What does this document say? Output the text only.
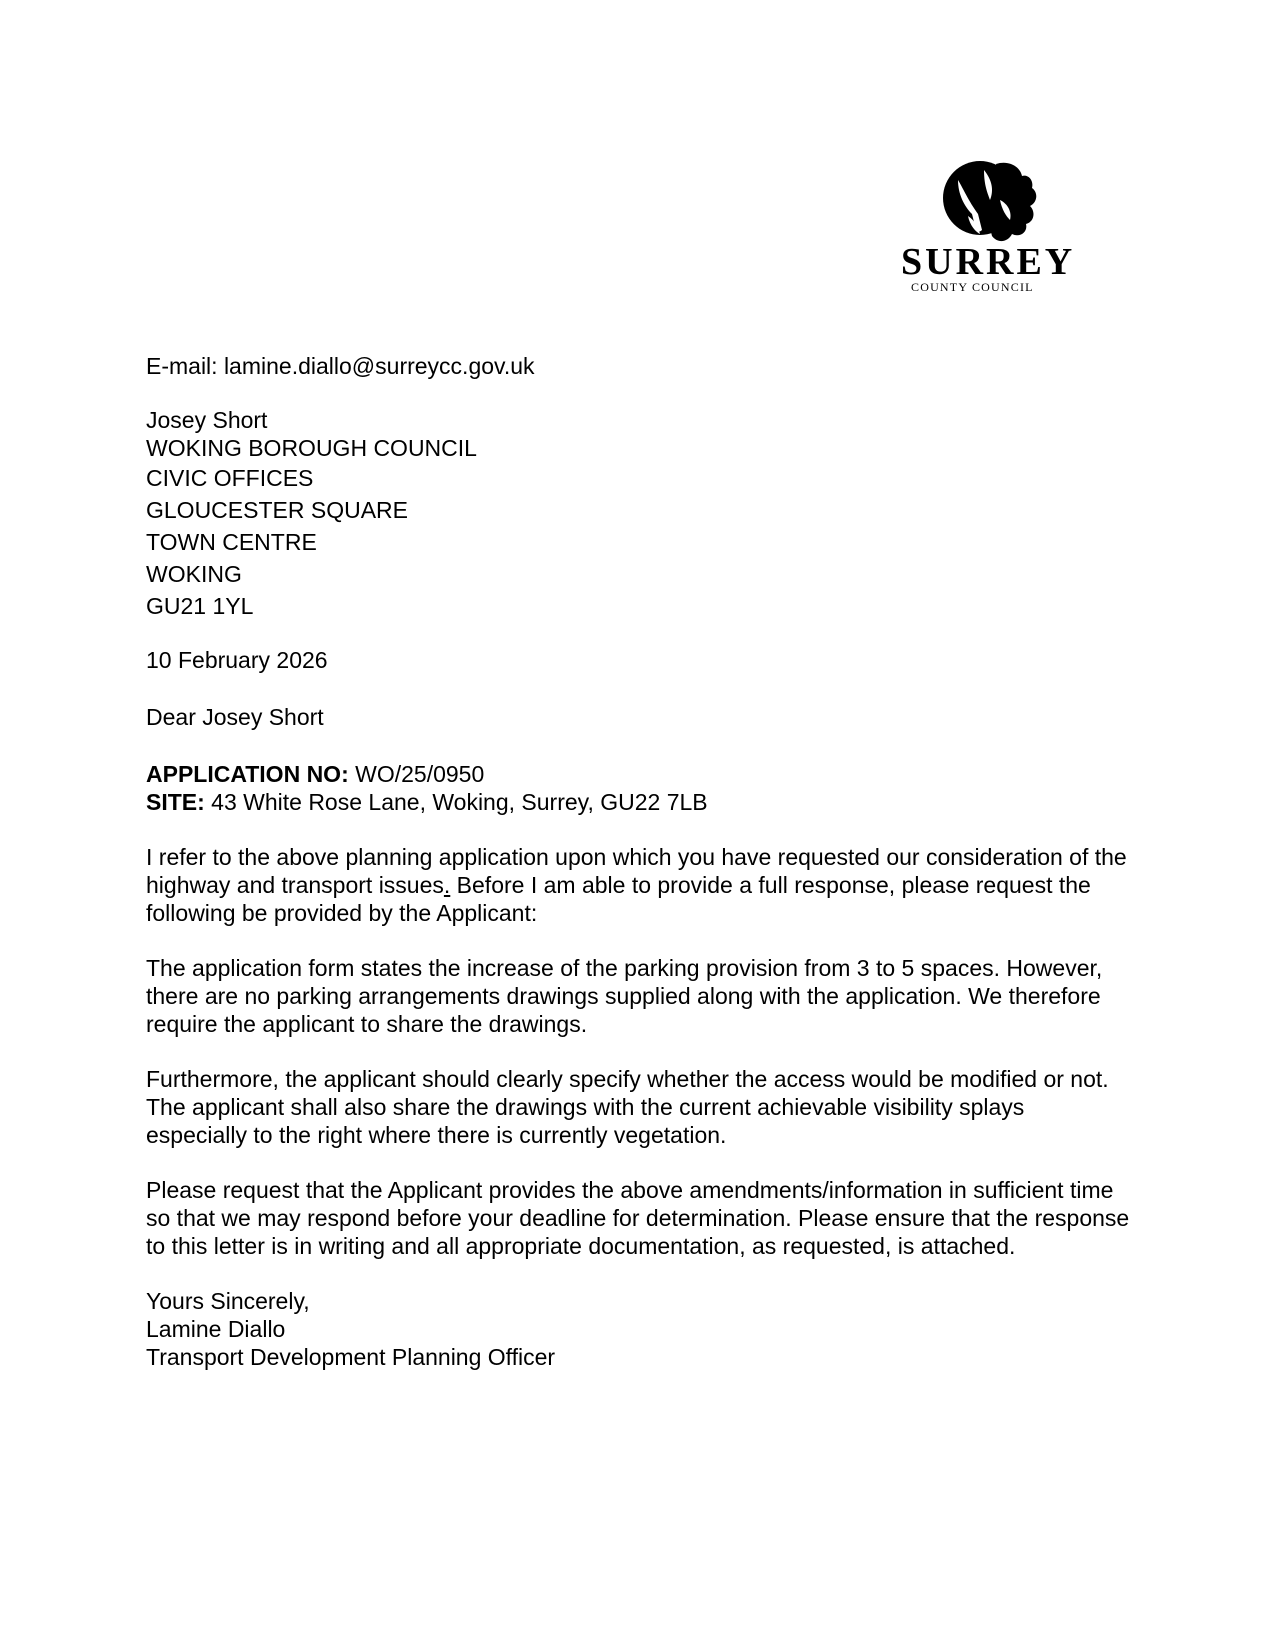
SURREY
COUNTY COUNCIL

E-mail: lamine.diallo@surreycc.gov.uk

Josey Short
WOKING BOROUGH COUNCIL
CIVIC OFFICES
GLOUCESTER SQUARE
TOWN CENTRE
WOKING
GU21 1YL

10 February 2026

Dear Josey Short

APPLICATION NO: WO/25/0950
SITE: 43 White Rose Lane, Woking, Surrey, GU22 7LB

I refer to the above planning application upon which you have requested our consideration of the highway and transport issues. Before I am able to provide a full response, please request the following be provided by the Applicant:

The application form states the increase of the parking provision from 3 to 5 spaces. However, there are no parking arrangements drawings supplied along with the application. We therefore require the applicant to share the drawings.

Furthermore, the applicant should clearly specify whether the access would be modified or not. The applicant shall also share the drawings with the current achievable visibility splays especially to the right where there is currently vegetation.

Please request that the Applicant provides the above amendments/information in sufficient time so that we may respond before your deadline for determination. Please ensure that the response to this letter is in writing and all appropriate documentation, as requested, is attached.

Yours Sincerely,
Lamine Diallo
Transport Development Planning Officer
